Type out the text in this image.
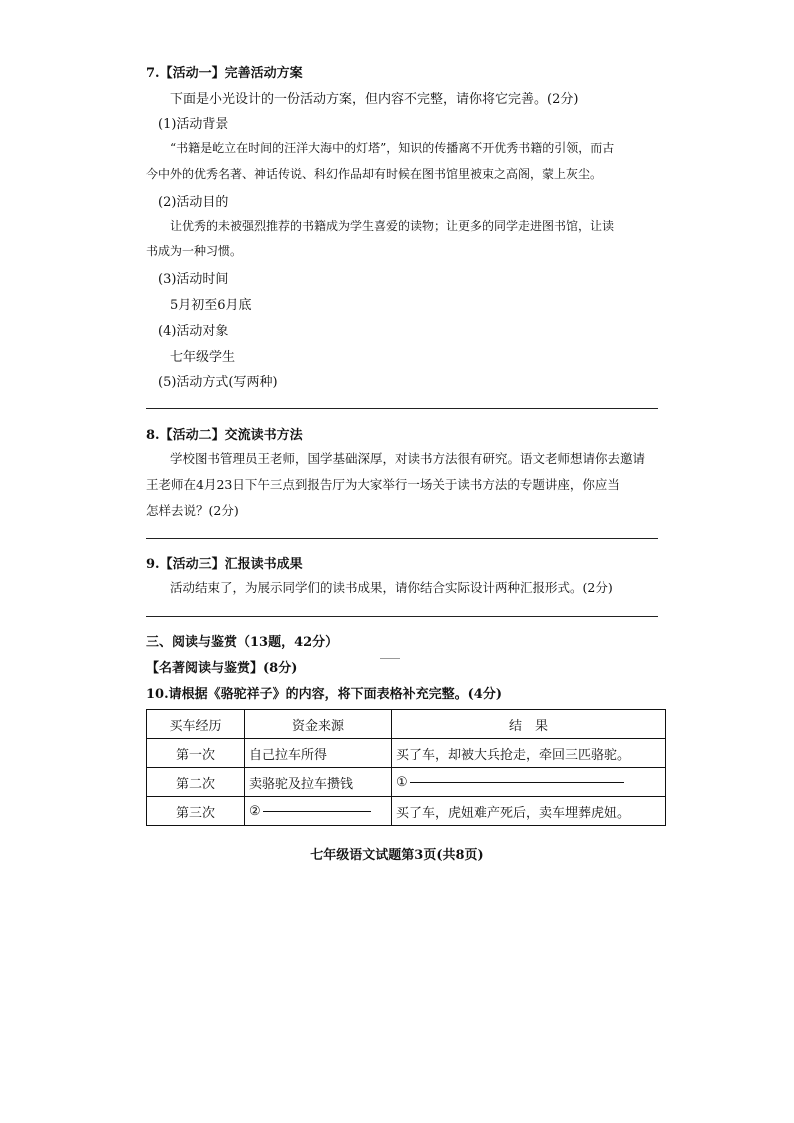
7.【活动一】完善活动方案
下面是小光设计的一份活动方案，但内容不完整，请你将它完善。(2分)
(1)活动背景
“书籍是屹立在时间的汪洋大海中的灯塔”，知识的传播离不开优秀书籍的引领，而古
今中外的优秀名著、神话传说、科幻作品却有时候在图书馆里被束之高阁，蒙上灰尘。
(2)活动目的
让优秀的未被强烈推荐的书籍成为学生喜爱的读物；让更多的同学走进图书馆，让读
书成为一种习惯。
(3)活动时间
5月初至6月底
(4)活动对象
七年级学生
(5)活动方式(写两种)
8.【活动二】交流读书方法
学校图书管理员王老师，国学基础深厚，对读书方法很有研究。语文老师想请你去邀请
王老师在4月23日下午三点到报告厅为大家举行一场关于读书方法的专题讲座，你应当
怎样去说？(2分)
9.【活动三】汇报读书成果
活动结束了，为展示同学们的读书成果，请你结合实际设计两种汇报形式。(2分)
三、阅读与鉴赏（13题，42分）
【名著阅读与鉴赏】(8分)
10.请根据《骆驼祥子》的内容，将下面表格补充完整。(4分)
买车经历	资金来源	结　果
第一次	自己拉车所得	买了车，却被大兵抢走，牵回三匹骆驼。
第二次	卖骆驼及拉车攒钱	①

第三次	②	买了车，虎妞难产死后，卖车埋葬虎妞。
七年级语文试题第3页(共8页)
